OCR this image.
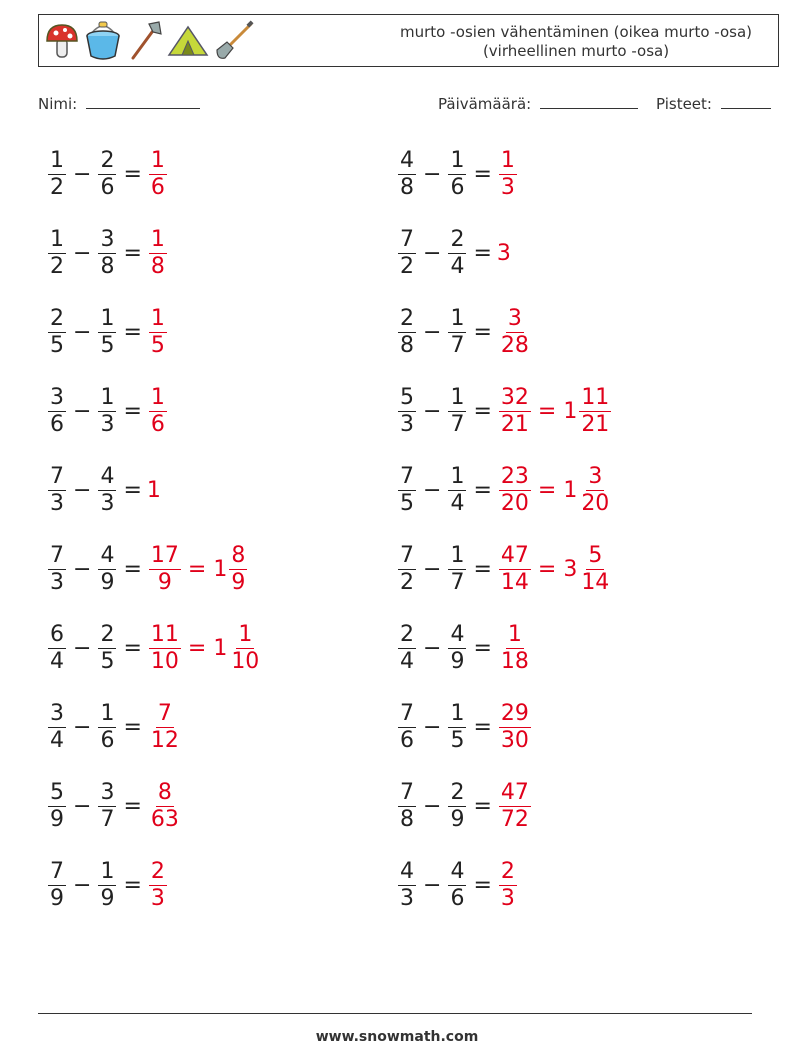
murto -osien vähentäminen (oikea murto -osa) (virheellinen murto -osa)
Nimi:	Päivämäärä:	Pisteet:
$\frac{1}{2} - \frac{2}{6} = \frac{1}{6}$	$\frac{4}{8} - \frac{1}{6} = \frac{1}{3}$
$\frac{1}{2} - \frac{3}{8} = \frac{1}{8}$	$\frac{7}{2} - \frac{2}{4} = 3$
$\frac{2}{5} - \frac{1}{5} = \frac{1}{5}$	$\frac{2}{8} - \frac{1}{7} = \frac{3}{28}$
$\frac{3}{6} - \frac{1}{3} = \frac{1}{6}$	$\frac{5}{3} - \frac{1}{7} = \frac{32}{21} = 1 \frac{11}{21}$
$\frac{7}{3} - \frac{4}{3} = 1$	$\frac{7}{5} - \frac{1}{4} = \frac{23}{20} = 1 \frac{3}{20}$
$\frac{7}{3} - \frac{4}{9} = \frac{17}{9} = 1 \frac{8}{9}$	$\frac{7}{2} - \frac{1}{7} = \frac{47}{14} = 3 \frac{5}{14}$
$\frac{6}{4} - \frac{2}{5} = \frac{11}{10} = 1 \frac{1}{10}$	$\frac{2}{4} - \frac{4}{9} = \frac{1}{18}$
$\frac{3}{4} - \frac{1}{6} = \frac{7}{12}$	$\frac{7}{6} - \frac{1}{5} = \frac{29}{30}$
$\frac{5}{9} - \frac{3}{7} = \frac{8}{63}$	$\frac{7}{8} - \frac{2}{9} = \frac{47}{72}$
$\frac{7}{9} - \frac{1}{9} = \frac{2}{3}$	$\frac{4}{3} - \frac{4}{6} = \frac{2}{3}$
www.snowmath.com
